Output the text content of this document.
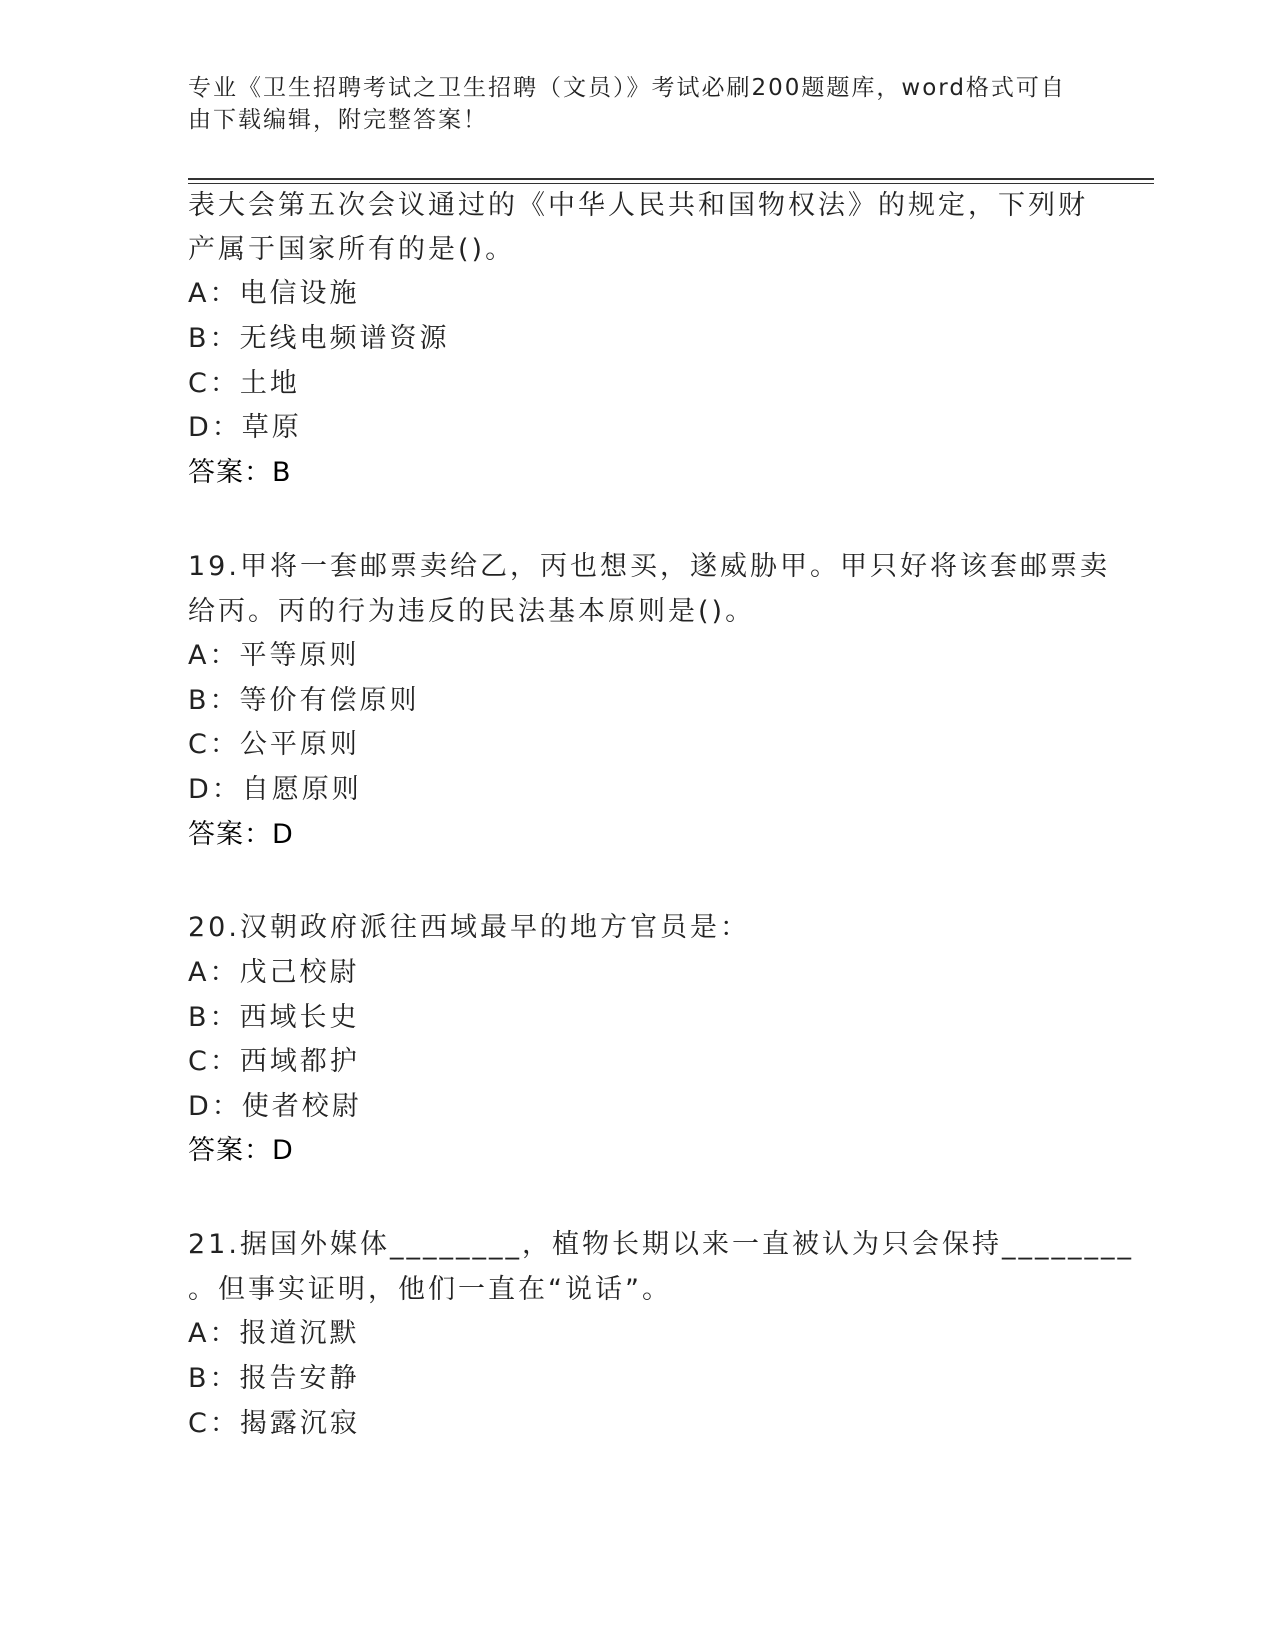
专业《卫生招聘考试之卫生招聘（文员）》考试必刷200题题库，word格式可自
由下载编辑，附完整答案！
表大会第五次会议通过的《中华人民共和国物权法》的规定，下列财
产属于国家所有的是()。
A：电信设施
B：无线电频谱资源
C：土地
D：草原
答案：B
19.甲将一套邮票卖给乙，丙也想买，遂威胁甲。甲只好将该套邮票卖
给丙。丙的行为违反的民法基本原则是()。
A：平等原则
B：等价有偿原则
C：公平原则
D：自愿原则
答案：D
20.汉朝政府派往西域最早的地方官员是：
A：戊己校尉
B：西域长史
C：西域都护
D：使者校尉
答案：D
21.据国外媒体________，植物长期以来一直被认为只会保持________
。但事实证明，他们一直在“说话”。
A：报道沉默
B：报告安静
C：揭露沉寂
